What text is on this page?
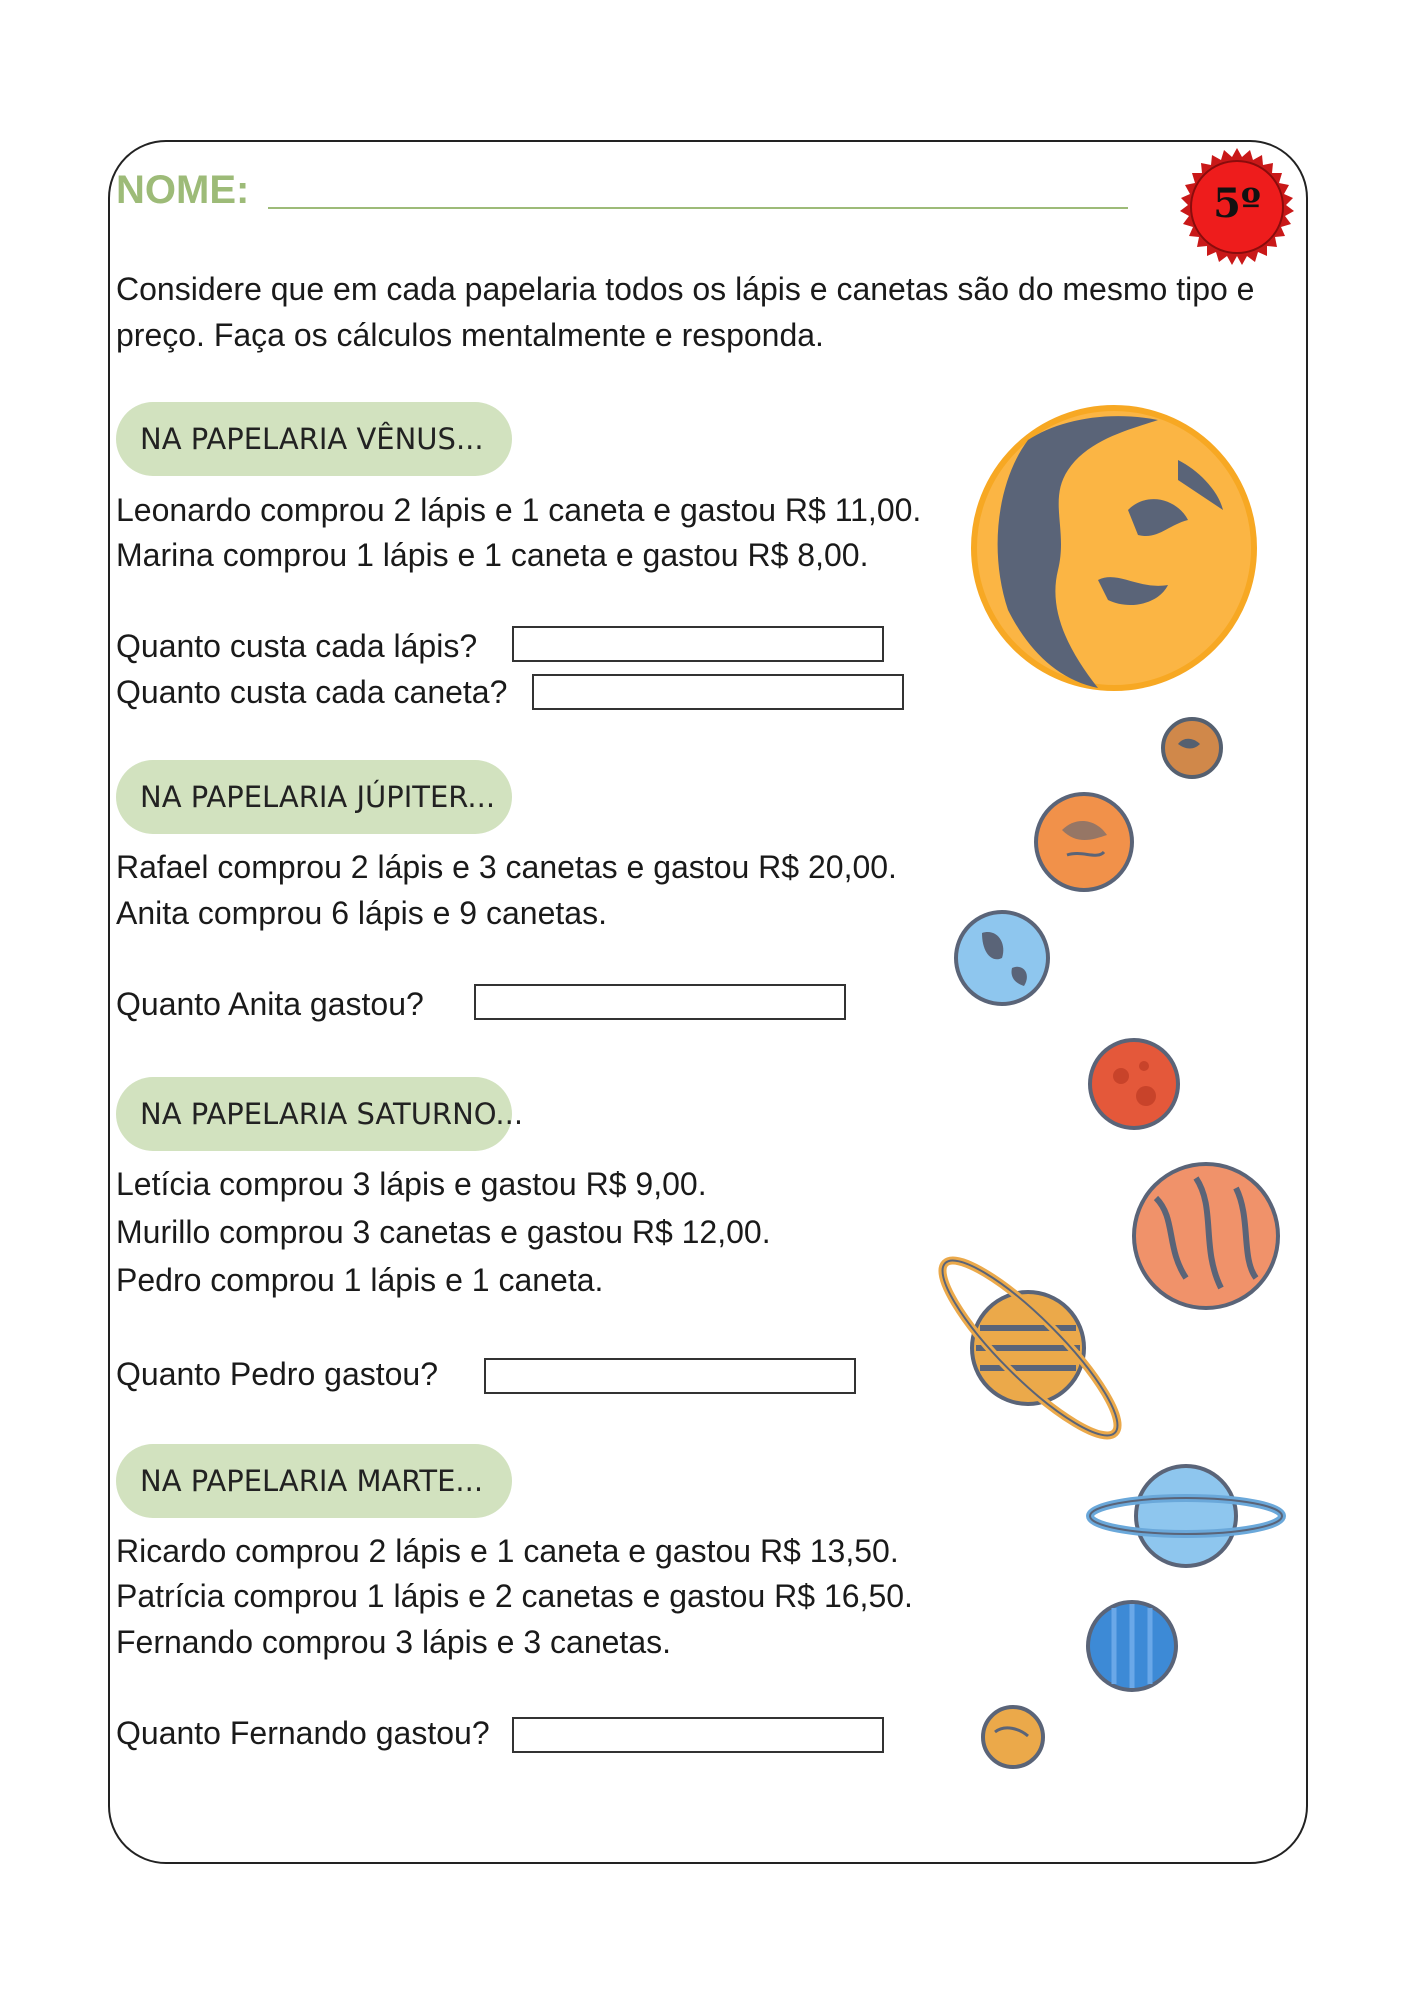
NOME:	5º
Considere que em cada papelaria todos os lápis e canetas são do mesmo tipo e preço. Faça os cálculos mentalmente e responda.
NA PAPELARIA VÊNUS...
Leonardo comprou 2 lápis e 1 caneta e gastou R$ 11,00.
Marina comprou 1 lápis e 1 caneta e gastou R$ 8,00.
Quanto custa cada lápis?
Quanto custa cada caneta?
NA PAPELARIA JÚPITER...
Rafael comprou 2 lápis e 3 canetas e gastou R$ 20,00.
Anita comprou 6 lápis e 9 canetas.
Quanto Anita gastou?
NA PAPELARIA SATURNO...
Letícia comprou 3 lápis e gastou R$ 9,00.
Murillo comprou 3 canetas e gastou R$ 12,00.
Pedro comprou 1 lápis e 1 caneta.
Quanto Pedro gastou?
NA PAPELARIA MARTE...
Ricardo comprou 2 lápis e 1 caneta e gastou R$ 13,50.
Patrícia comprou 1 lápis e 2 canetas e gastou R$ 16,50.
Fernando comprou 3 lápis e 3 canetas.
Quanto Fernando gastou?
